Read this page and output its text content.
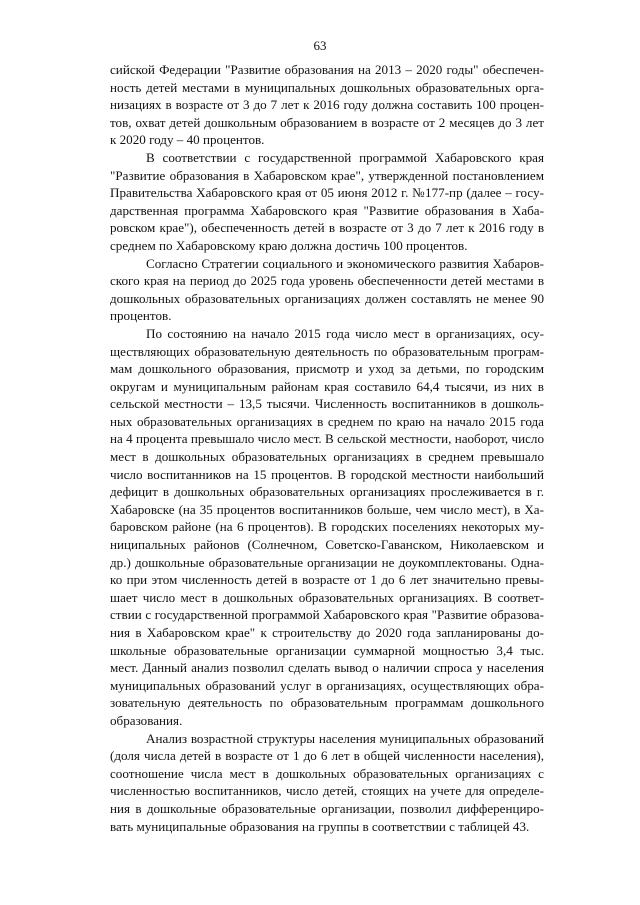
63

сийской Федерации "Развитие образования на 2013 – 2020 годы" обеспеченность детей местами в муниципальных дошкольных образовательных организациях в возрасте от 3 до 7 лет к 2016 году должна составить 100 процентов, охват детей дошкольным образованием в возрасте от 2 месяцев до 3 лет к 2020 году – 40 процентов.

В соответствии с государственной программой Хабаровского края "Развитие образования в Хабаровском крае", утвержденной постановлением Правительства Хабаровского края от 05 июня 2012 г. №177-пр (далее – государственная программа Хабаровского края "Развитие образования в Хабаровском крае"), обеспеченность детей в возрасте от 3 до 7 лет к 2016 году в среднем по Хабаровскому краю должна достичь 100 процентов.

Согласно Стратегии социального и экономического развития Хабаровского края на период до 2025 года уровень обеспеченности детей местами в дошкольных образовательных организациях должен составлять не менее 90 процентов.

По состоянию на начало 2015 года число мест в организациях, осуществляющих образовательную деятельность по образовательным программам дошкольного образования, присмотр и уход за детьми, по городским округам и муниципальным районам края составило 64,4 тысячи, из них в сельской местности – 13,5 тысячи. Численность воспитанников в дошкольных образовательных организациях в среднем по краю на начало 2015 года на 4 процента превышало число мест. В сельской местности, наоборот, число мест в дошкольных образовательных организациях в среднем превышало число воспитанников на 15 процентов. В городской местности наибольший дефицит в дошкольных образовательных организациях прослеживается в г. Хабаровске (на 35 процентов воспитанников больше, чем число мест), в Хабаровском районе (на 6 процентов). В городских поселениях некоторых муниципальных районов (Солнечном, Советско-Гаванском, Николаевском и др.) дошкольные образовательные организации не доукомплектованы. Однако при этом численность детей в возрасте от 1 до 6 лет значительно превышает число мест в дошкольных образовательных организациях. В соответствии с государственной программой Хабаровского края "Развитие образования в Хабаровском крае" к строительству до 2020 года запланированы дошкольные образовательные организации суммарной мощностью 3,4 тыс. мест. Данный анализ позволил сделать вывод о наличии спроса у населения муниципальных образований услуг в организациях, осуществляющих образовательную деятельность по образовательным программам дошкольного образования.

Анализ возрастной структуры населения муниципальных образований (доля числа детей в возрасте от 1 до 6 лет в общей численности населения), соотношение числа мест в дошкольных образовательных организациях с численностью воспитанников, число детей, стоящих на учете для определения в дошкольные образовательные организации, позволил дифференцировать муниципальные образования на группы в соответствии с таблицей 43.
